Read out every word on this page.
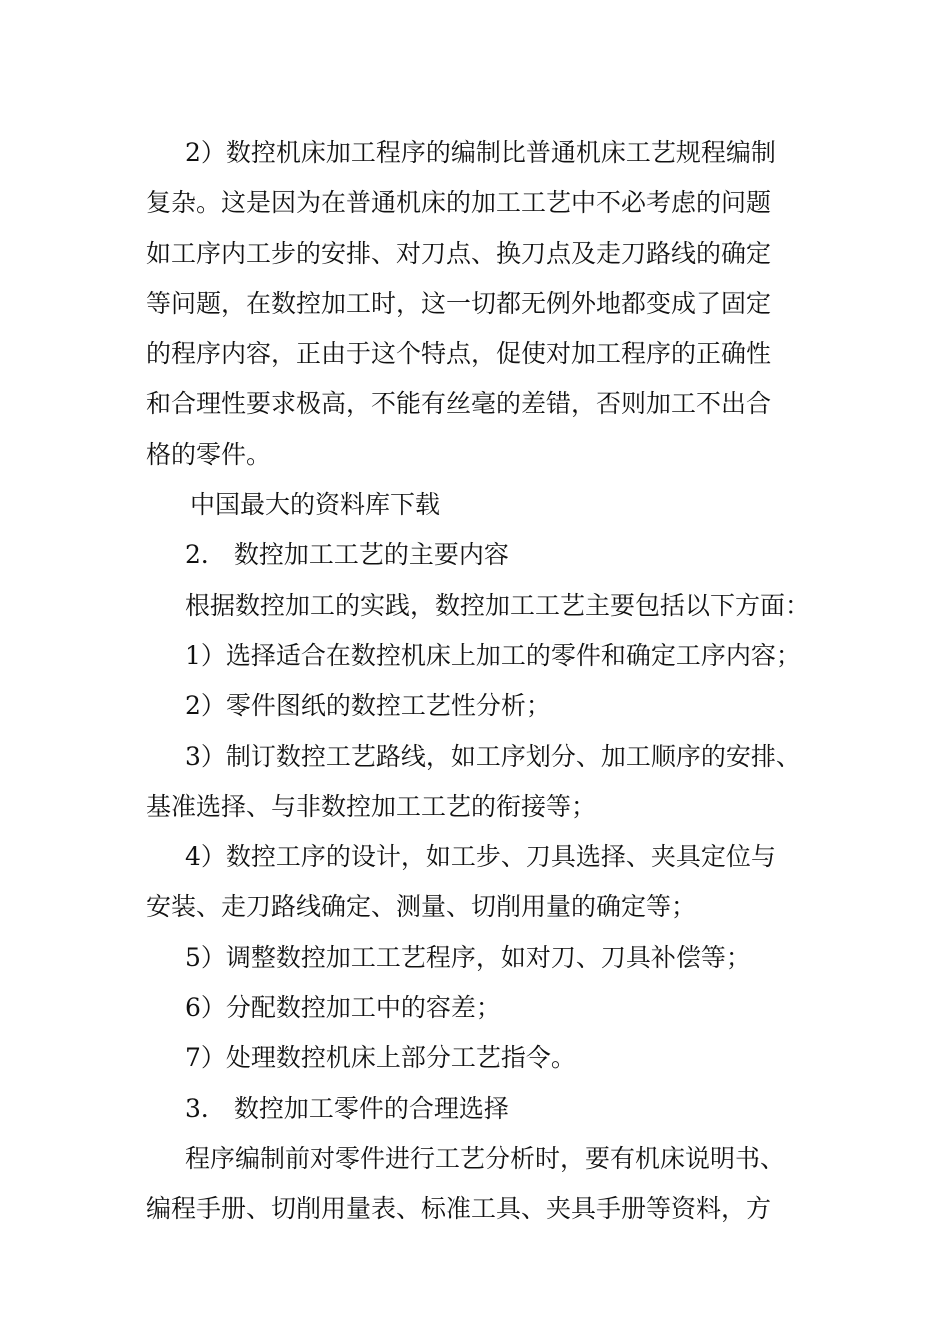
2）数控机床加工程序的编制比普通机床工艺规程编制
复杂。这是因为在普通机床的加工工艺中不必考虑的问题
如工序内工步的安排、对刀点、换刀点及走刀路线的确定
等问题，在数控加工时，这一切都无例外地都变成了固定
的程序内容，正由于这个特点，促使对加工程序的正确性
和合理性要求极高，不能有丝毫的差错，否则加工不出合
格的零件。
中国最大的资料库下载
2． 数控加工工艺的主要内容
根据数控加工的实践，数控加工工艺主要包括以下方面：
1）选择适合在数控机床上加工的零件和确定工序内容；
2）零件图纸的数控工艺性分析；
3）制订数控工艺路线，如工序划分、加工顺序的安排、
基准选择、与非数控加工工艺的衔接等；
4）数控工序的设计，如工步、刀具选择、夹具定位与
安装、走刀路线确定、测量、切削用量的确定等；
5）调整数控加工工艺程序，如对刀、刀具补偿等；
6）分配数控加工中的容差；
7）处理数控机床上部分工艺指令。
3． 数控加工零件的合理选择
程序编制前对零件进行工艺分析时，要有机床说明书、
编程手册、切削用量表、标准工具、夹具手册等资料，方
